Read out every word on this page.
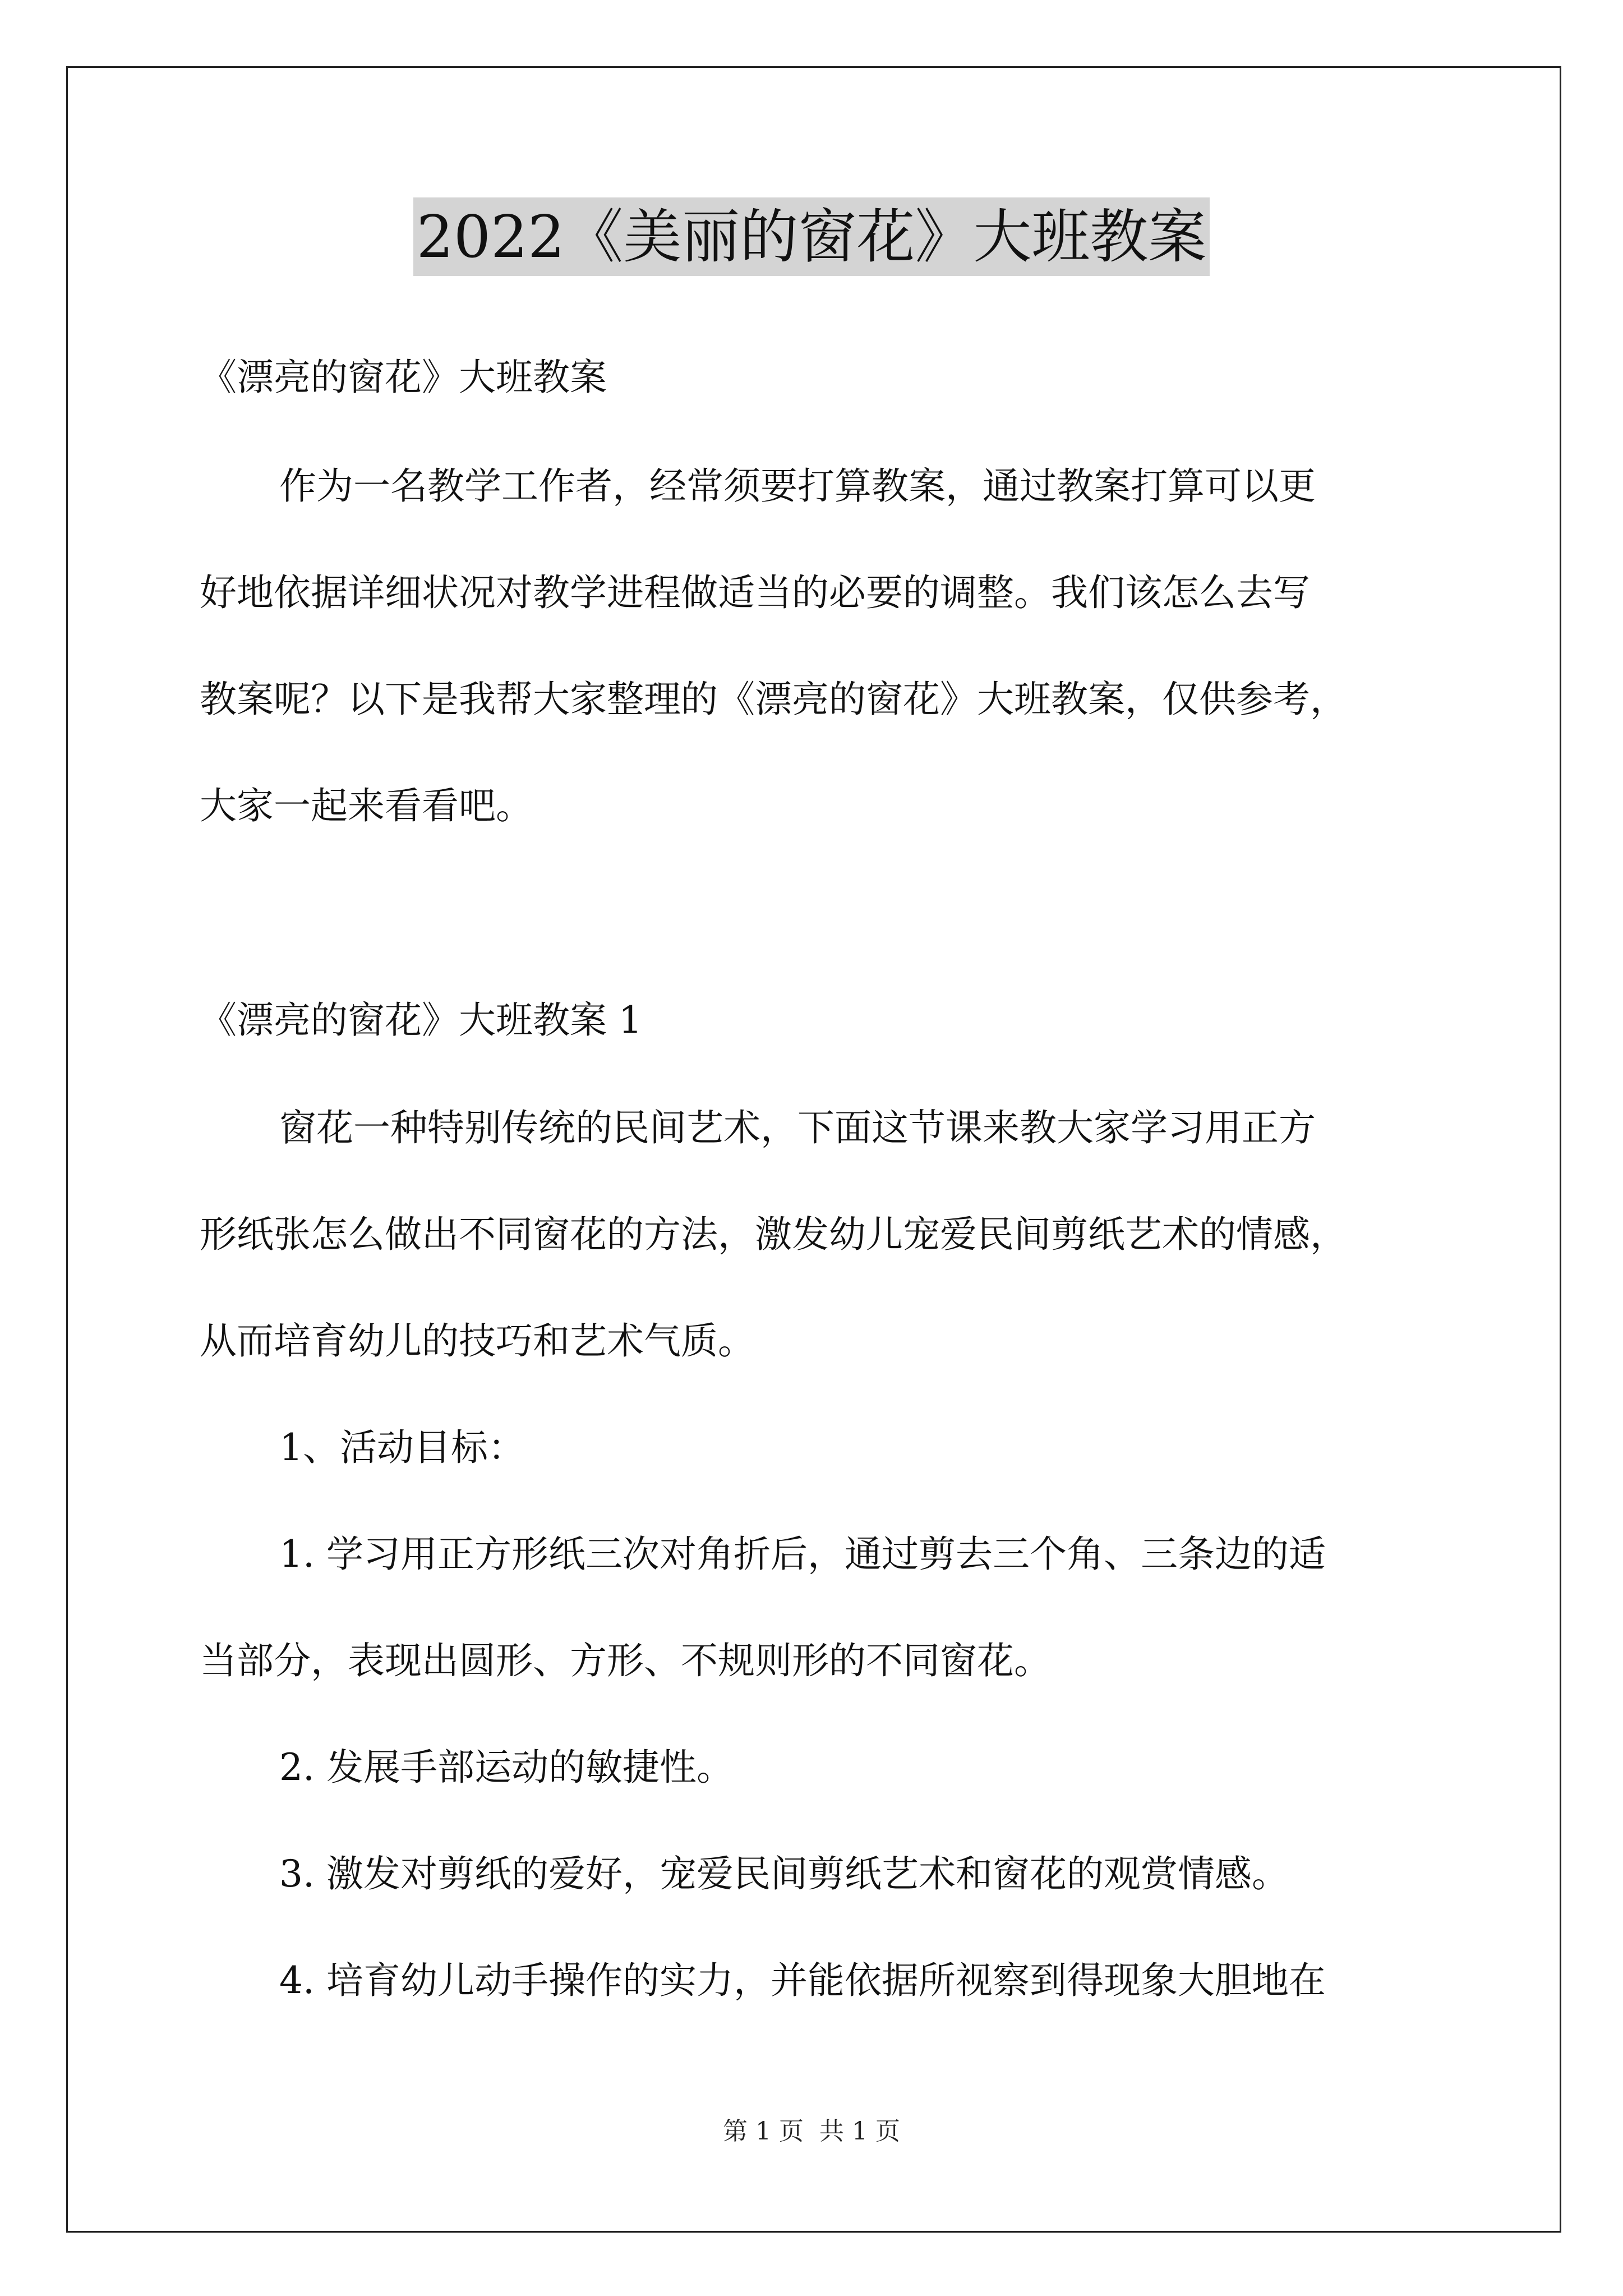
2022《美丽的窗花》大班教案
《漂亮的窗花》大班教案
作为一名教学工作者，经常须要打算教案，通过教案打算可以更
好地依据详细状况对教学进程做适当的必要的调整。我们该怎么去写
教案呢？以下是我帮大家整理的《漂亮的窗花》大班教案，仅供参考，
大家一起来看看吧。
《漂亮的窗花》大班教案 1
窗花一种特别传统的民间艺术，下面这节课来教大家学习用正方
形纸张怎么做出不同窗花的方法，激发幼儿宠爱民间剪纸艺术的情感，
从而培育幼儿的技巧和艺术气质。
1、活动目标：
1. 学习用正方形纸三次对角折后，通过剪去三个角、三条边的适
当部分，表现出圆形、方形、不规则形的不同窗花。
2. 发展手部运动的敏捷性。
3. 激发对剪纸的爱好，宠爱民间剪纸艺术和窗花的观赏情感。
4. 培育幼儿动手操作的实力，并能依据所视察到得现象大胆地在
第 1 页 共 1 页
